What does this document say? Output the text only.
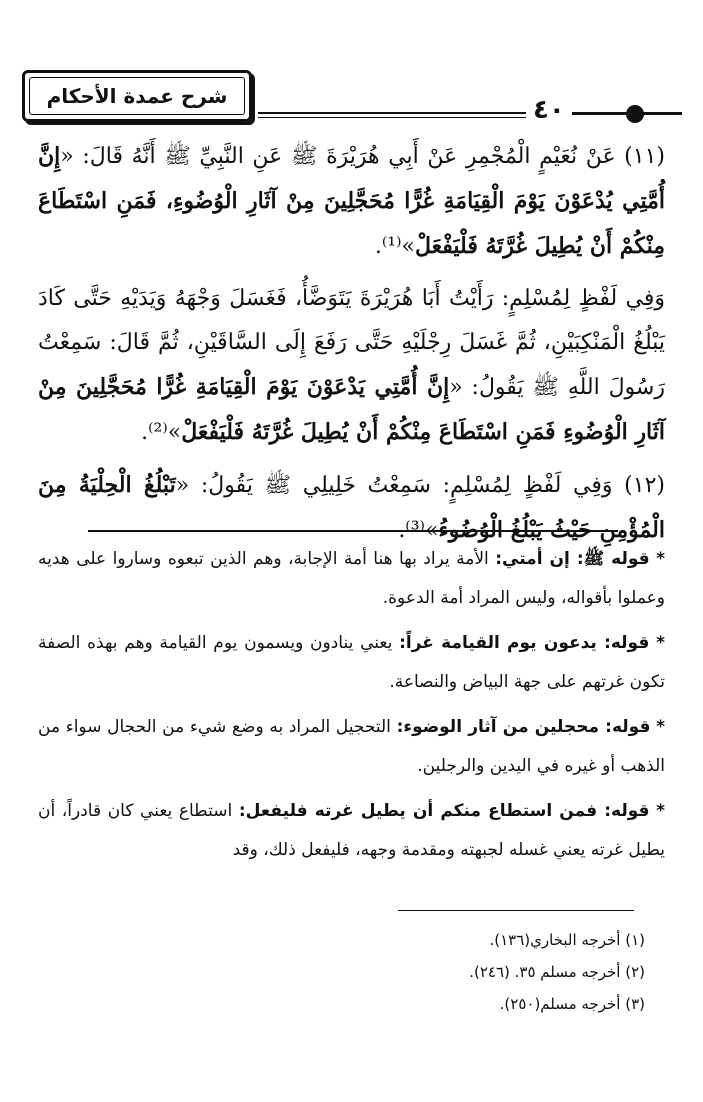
شرح عمدة الأحكام	٤٠

(١١) عَنْ نُعَيْمٍ الْمُجْمِرِ عَنْ أَبِي هُرَيْرَةَ ﷺ عَنِ النَّبِيِّ ﷺ أَنَّهُ قَالَ: «إِنَّ أُمَّتِي يُدْعَوْنَ يَوْمَ الْقِيَامَةِ غُرًّا مُحَجَّلِينَ مِنْ آثَارِ الْوُضُوءِ، فَمَنِ اسْتَطَاعَ مِنْكُمْ أَنْ يُطِيلَ غُرَّتَهُ فَلْيَفْعَلْ»⁽¹⁾.

وَفِي لَفْظٍ لِمُسْلِمٍ: رَأَيْتُ أَبَا هُرَيْرَةَ يَتَوَضَّأُ، فَغَسَلَ وَجْهَهُ وَيَدَيْهِ حَتَّى كَادَ يَبْلُغُ الْمَنْكِبَيْنِ، ثُمَّ غَسَلَ رِجْلَيْهِ حَتَّى رَفَعَ إِلَى السَّاقَيْنِ، ثُمَّ قَالَ: سَمِعْتُ رَسُولَ اللَّهِ ﷺ يَقُولُ: «إِنَّ أُمَّتِي يَدْعَوْنَ يَوْمَ الْقِيَامَةِ غُرًّا مُحَجَّلِينَ مِنْ آثَارِ الْوُضُوءِ فَمَنِ اسْتَطَاعَ مِنْكُمْ أَنْ يُطِيلَ غُرَّتَهُ فَلْيَفْعَلْ»⁽²⁾.

(١٢) وَفِي لَفْظٍ لِمُسْلِمٍ: سَمِعْتُ خَلِيلِي ﷺ يَقُولُ: «تَبْلُغُ الْحِلْيَةُ مِنَ الْمُؤْمِنِ حَيْثُ يَبْلُغُ الْوُضُوءُ»⁽³⁾.

* قوله ﷺ: إن أمتي: الأمة يراد بها هنا أمة الإجابة، وهم الذين تبعوه وساروا على هديه وعملوا بأقواله، وليس المراد أمة الدعوة.

* قوله: يدعون يوم القيامة غراً: يعني ينادون ويسمون يوم القيامة وهم بهذه الصفة تكون غرتهم على جهة البياض والنصاعة.

* قوله: محجلين من آثار الوضوء: التحجيل المراد به وضع شيء من الحجال سواء من الذهب أو غيره في اليدين والرجلين.

* قوله: فمن استطاع منكم أن يطيل غرته فليفعل: استطاع يعني كان قادراً، أن يطيل غرته يعني غسله لجبهته ومقدمة وجهه، فليفعل ذلك، وقد

(١) أخرجه البخاري(١٣٦).
(٢) أخرجه مسلم ٣٥. (٢٤٦).
(٣) أخرجه مسلم(٢٥٠).
